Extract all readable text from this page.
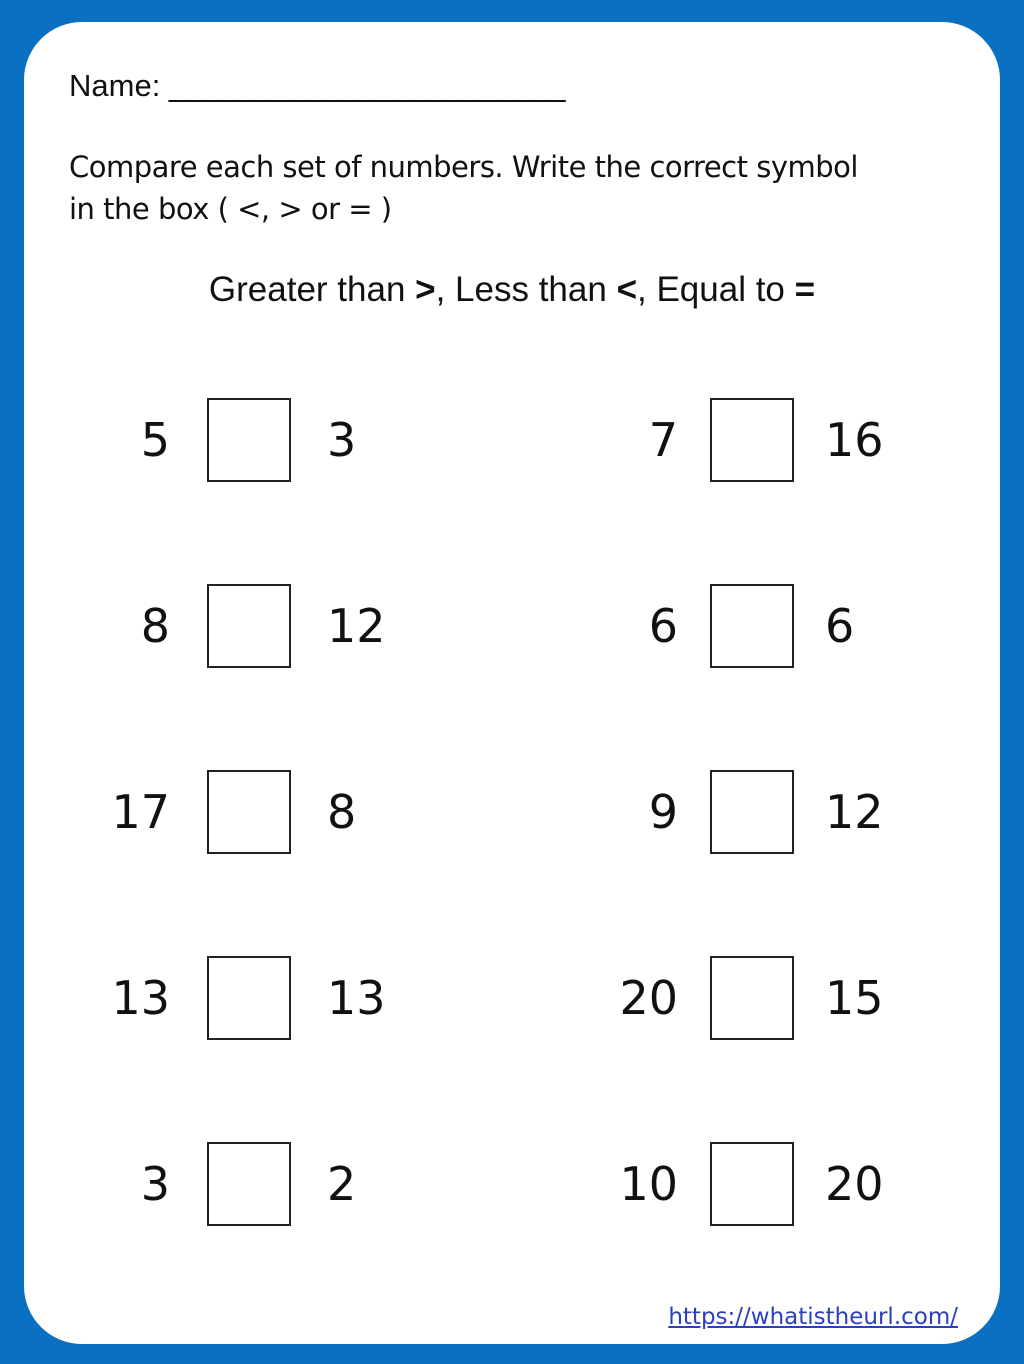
Name: _______________________
Compare each set of numbers. Write the correct symbol
in the box ( <, > or = )
Greater than >, Less than <, Equal to =
5	3	7	16
8	12	6	6
17	8	9	12
13	13	20	15
3	2	10	20
https://whatistheurl.com/
